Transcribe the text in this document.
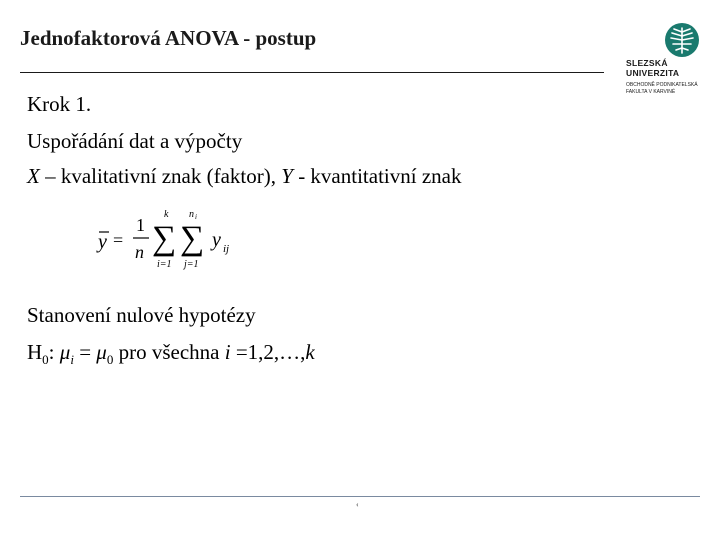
Jednofaktorová ANOVA - postup
SLEZSKÁ
UNIVERZITA
OBCHODNĚ PODNIKATELSKÁ
FAKULTA V KARVINÉ
Krok 1.
Uspořádání dat a výpočty
X – kvalitativní znak (faktor), Y - kvantitativní znak
y =
1
n
k
∑
i=1
n i
∑
j=1
y ij
Stanovení nulové hypotézy
$H_0$: $\mu_i = \mu_0$ pro všechna i =1,2,…,k
‹
